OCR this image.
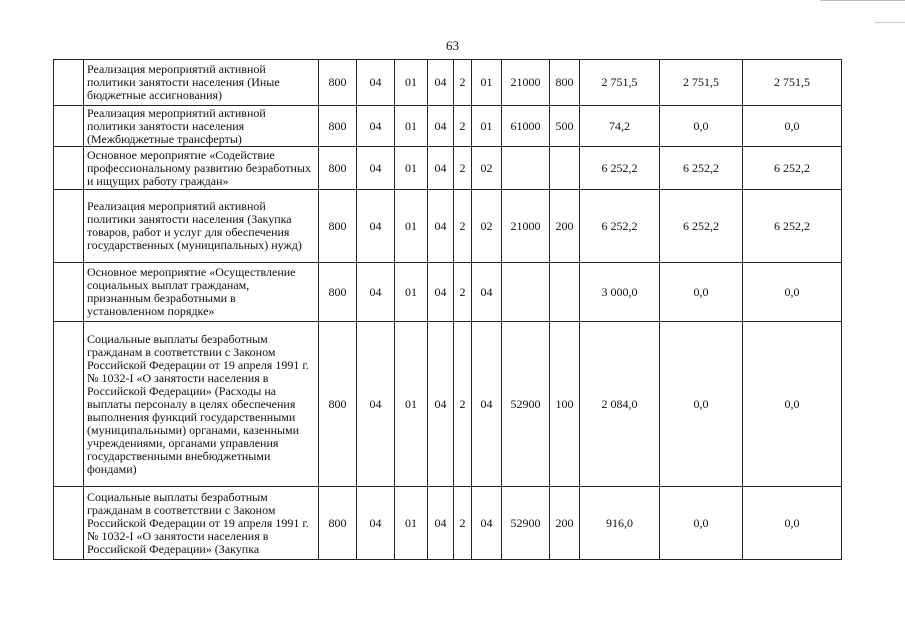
63
	Реализация мероприятий активной политики занятости населения (Иные бюджетные ассигнования)	800	04	01	04	2	01	21000	800	2 751,5	2 751,5	2 751,5
	Реализация мероприятий активной политики занятости населения (Межбюджетные трансферты)	800	04	01	04	2	01	61000	500	74,2	0,0	0,0
	Основное мероприятие «Содействие профессиональному развитию безработных и ищущих работу граждан»	800	04	01	04	2	02			6 252,2	6 252,2	6 252,2
	Реализация мероприятий активной политики занятости населения (Закупка товаров, работ и услуг для обеспечения государственных (муниципальных) нужд)	800	04	01	04	2	02	21000	200	6 252,2	6 252,2	6 252,2
	Основное мероприятие «Осуществление социальных выплат гражданам, признанным безработными в установленном порядке»	800	04	01	04	2	04			3 000,0	0,0	0,0
	Социальные выплаты безработным гражданам в соответствии с Законом Российской Федерации от 19 апреля 1991 г. № 1032-I «О занятости населения в Российской Федерации» (Расходы на выплаты персоналу в целях обеспечения выполнения функций государственными (муниципальными) органами, казенными учреждениями, органами управления государственными внебюджетными фондами)	800	04	01	04	2	04	52900	100	2 084,0	0,0	0,0
	Социальные выплаты безработным гражданам в соответствии с Законом Российской Федерации от 19 апреля 1991 г. № 1032-I «О занятости населения в Российской Федерации» (Закупка	800	04	01	04	2	04	52900	200	916,0	0,0	0,0
